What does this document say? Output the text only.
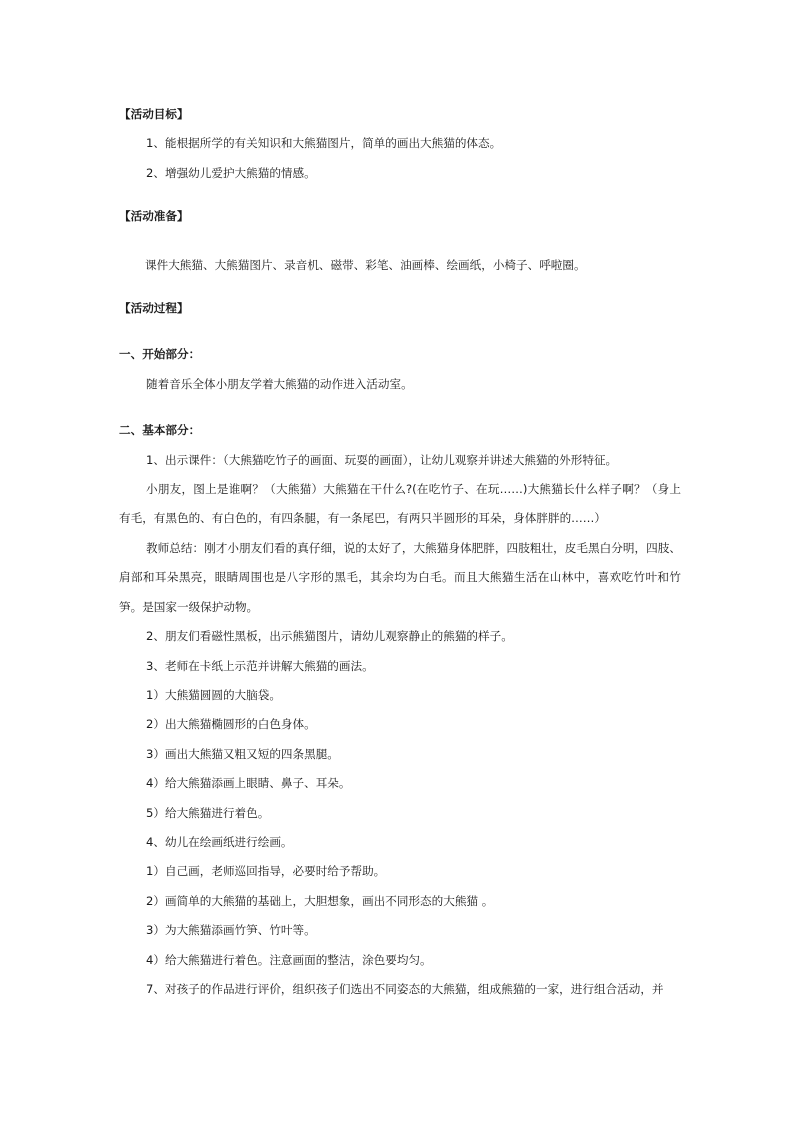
【活动目标】

1、能根据所学的有关知识和大熊猫图片，简单的画出大熊猫的体态。

2、增强幼儿爱护大熊猫的情感。

【活动准备】

课件大熊猫、大熊猫图片、录音机、磁带、彩笔、油画棒、绘画纸，小椅子、呼啦圈。

【活动过程】

一、开始部分：

随着音乐全体小朋友学着大熊猫的动作进入活动室。

二、基本部分：

1、出示课件：（大熊猫吃竹子的画面、玩耍的画面），让幼儿观察并讲述大熊猫的外形特征。

小朋友，图上是谁啊？（大熊猫）大熊猫在干什么?(在吃竹子、在玩……)大熊猫长什么样子啊？（身上有毛，有黑色的、有白色的，有四条腿，有一条尾巴，有两只半圆形的耳朵，身体胖胖的……）

教师总结：刚才小朋友们看的真仔细，说的太好了，大熊猫身体肥胖，四肢粗壮，皮毛黑白分明，四肢、肩部和耳朵黑亮，眼睛周围也是八字形的黑毛，其余均为白毛。而且大熊猫生活在山林中，喜欢吃竹叶和竹笋。是国家一级保护动物。

2、朋友们看磁性黑板，出示熊猫图片，请幼儿观察静止的熊猫的样子。

3、老师在卡纸上示范并讲解大熊猫的画法。

1）大熊猫圆圆的大脑袋。

2）出大熊猫椭圆形的白色身体。

3）画出大熊猫又粗又短的四条黑腿。

4）给大熊猫添画上眼睛、鼻子、耳朵。

5）给大熊猫进行着色。

4、幼儿在绘画纸进行绘画。

1）自己画，老师巡回指导，必要时给予帮助。

2）画简单的大熊猫的基础上，大胆想象，画出不同形态的大熊猫 。

3）为大熊猫添画竹笋、竹叶等。

4）给大熊猫进行着色。注意画面的整洁，涂色要均匀。

7、对孩子的作品进行评价，组织孩子们选出不同姿态的大熊猫，组成熊猫的一家，进行组合活动，并
